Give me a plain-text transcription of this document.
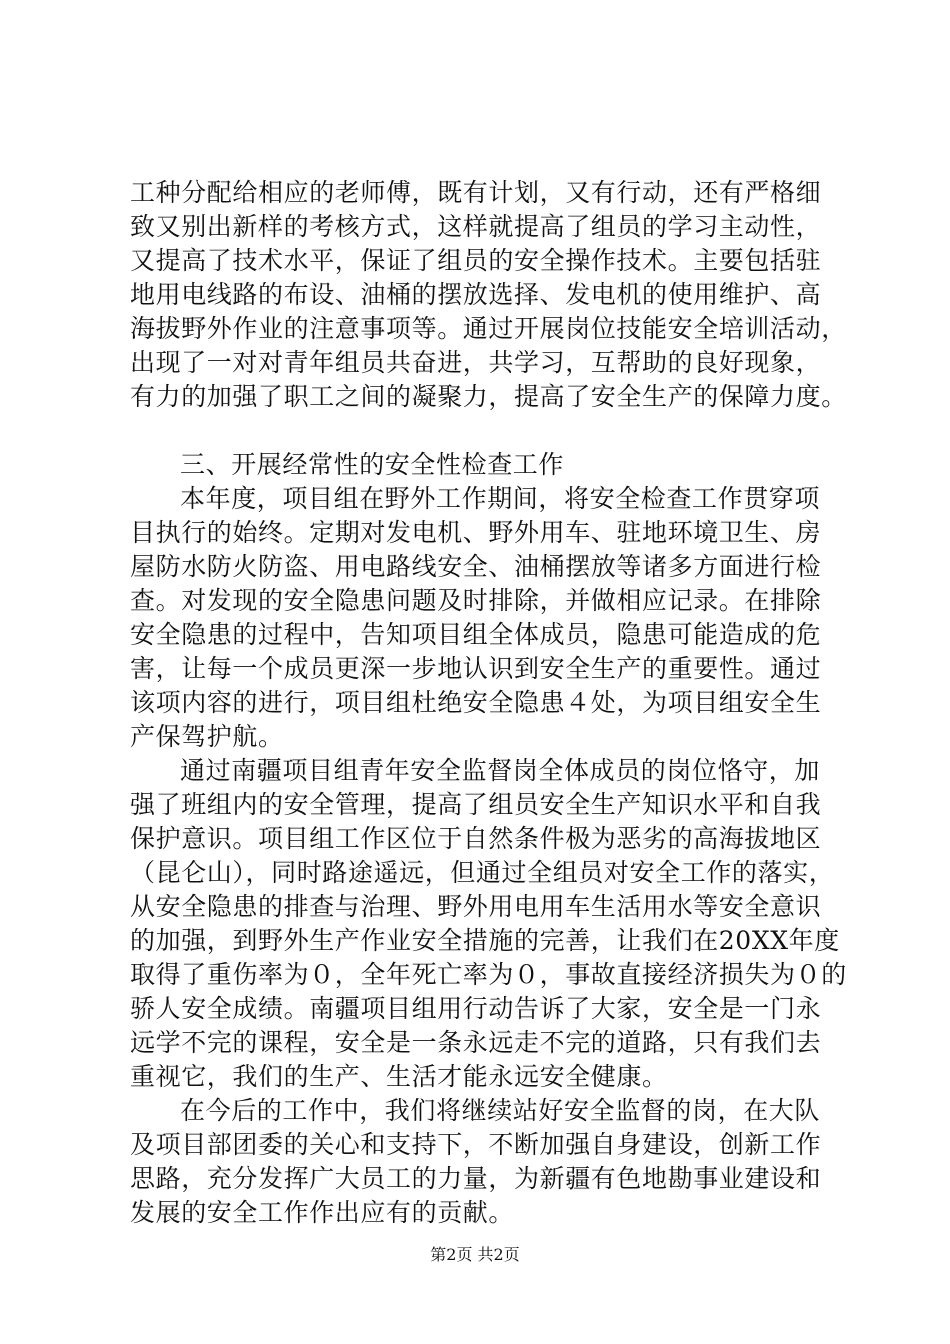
工种分配给相应的老师傅，既有计划，又有行动，还有严格细
致又别出新样的考核方式，这样就提高了组员的学习主动性，
又提高了技术水平，保证了组员的安全操作技术。主要包括驻
地用电线路的布设、油桶的摆放选择、发电机的使用维护、高
海拔野外作业的注意事项等。通过开展岗位技能安全培训活动，
出现了一对对青年组员共奋进，共学习，互帮助的良好现象，
有力的加强了职工之间的凝聚力，提高了安全生产的保障力度。
三、开展经常性的安全性检查工作
本年度，项目组在野外工作期间，将安全检查工作贯穿项
目执行的始终。定期对发电机、野外用车、驻地环境卫生、房
屋防水防火防盗、用电路线安全、油桶摆放等诸多方面进行检
查。对发现的安全隐患问题及时排除，并做相应记录。在排除
安全隐患的过程中，告知项目组全体成员，隐患可能造成的危
害，让每一个成员更深一步地认识到安全生产的重要性。通过
该项内容的进行，项目组杜绝安全隐患４处，为项目组安全生
产保驾护航。
通过南疆项目组青年安全监督岗全体成员的岗位恪守，加
强了班组内的安全管理，提高了组员安全生产知识水平和自我
保护意识。项目组工作区位于自然条件极为恶劣的高海拔地区
（昆仑山），同时路途遥远，但通过全组员对安全工作的落实，
从安全隐患的排查与治理、野外用电用车生活用水等安全意识
的加强，到野外生产作业安全措施的完善，让我们在20XX年度
取得了重伤率为０，全年死亡率为０，事故直接经济损失为０的
骄人安全成绩。南疆项目组用行动告诉了大家，安全是一门永
远学不完的课程，安全是一条永远走不完的道路，只有我们去
重视它，我们的生产、生活才能永远安全健康。
在今后的工作中，我们将继续站好安全监督的岗，在大队
及项目部团委的关心和支持下，不断加强自身建设，创新工作
思路，充分发挥广大员工的力量，为新疆有色地勘事业建设和
发展的安全工作作出应有的贡献。
第2页 共2页
